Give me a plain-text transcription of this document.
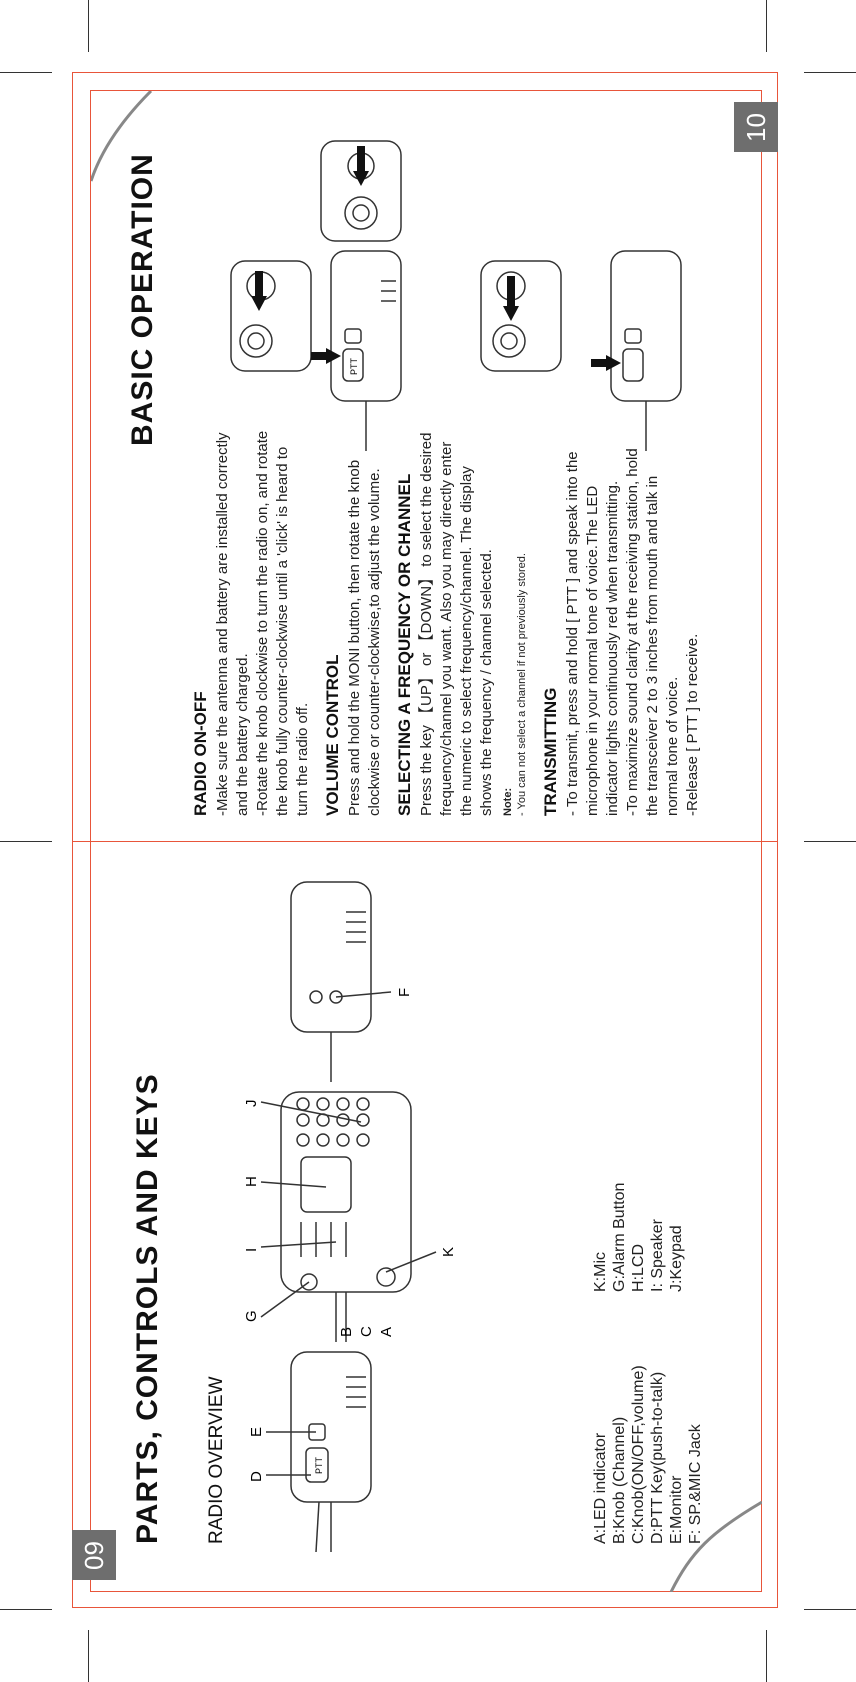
PARTS, CONTROLS AND KEYS RADIO OVERVIEW	PTT
D
E
G
K
I
H
J
B C A
F
A:LED indicator B:Knob (Channel) C:Knob(ON/OFF,volume) D:PTT Key(push-to-talk) E:Monitor F: SP.&MIC Jack
K:Mic G:Alarm Button H:LCD I: Speaker J:Keypad
09
BASIC OPERATION
RADIO ON-OFF -Make sure the antenna and battery are installed correctly and the battery charged.
-Rotate the knob clockwise to turn the radio on, and rotate the knob fully counter-clockwise until a 'click' is heard to turn the radio off. VOLUME CONTROL Press and hold the MONI button, then rotate the knob clockwise or counter-clockwise,to adjust the volume. SELECTING A FREQUENCY OR CHANNEL Press the key 【UP】 or 【DOWN】 to select the desired frequency/channel you want. Also you may directly enter the numeric to select frequency/channel. The display shows the frequency / channel selected. Note: - You can not select a channel if not previously stored. TRANSMITTING - To transmit, press and hold [ PTT ] and speak into the microphone in your normal tone of voice.The LED indicator lights continuously red when transmitting.
-To maximize sound clarity at the receiving station, hold the transceiver 2 to 3 inches from mouth and talk in normal tone of voice.
-Release [ PTT ] to receive.

PTT
10
